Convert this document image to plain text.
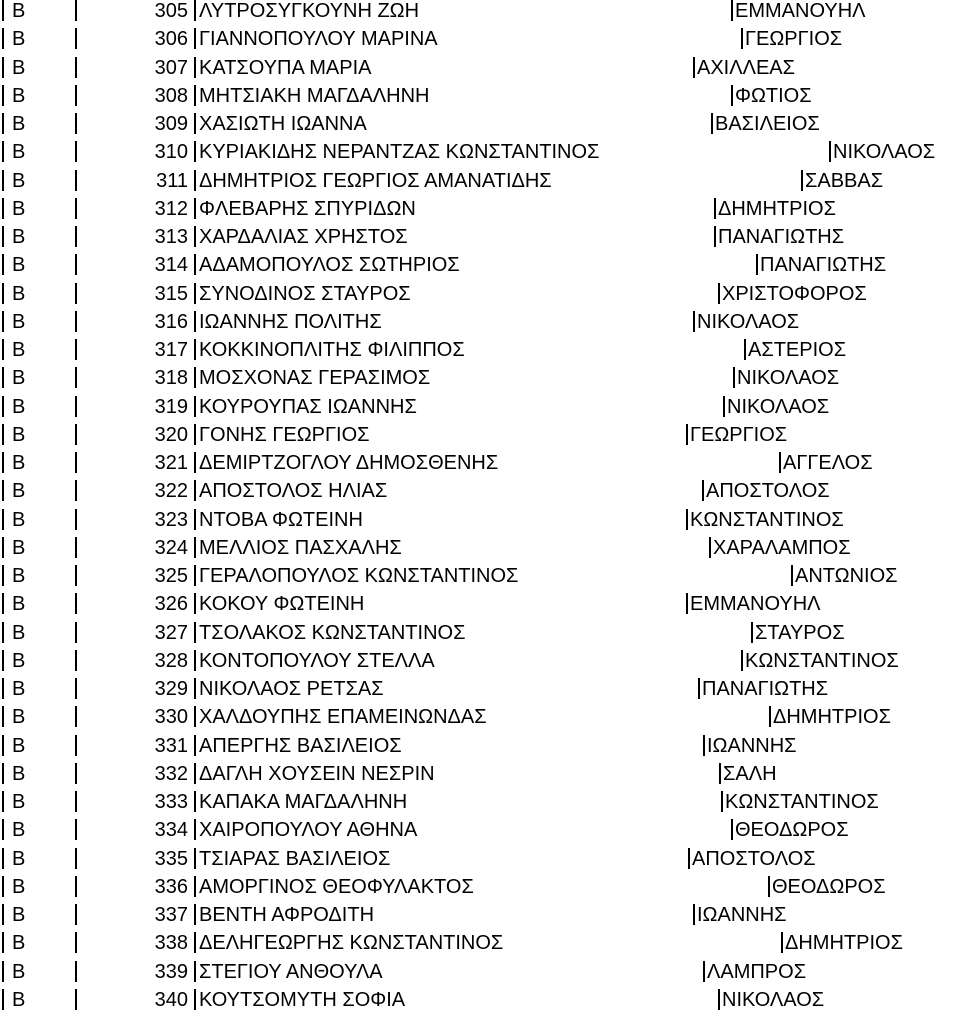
B	305 ΛΥΤΡΟΣΥΓΚΟΥΝΗ ΖΩΗ	ΕΜΜΑΝΟΥΗΛ
B	306 ΓΙΑΝΝΟΠΟΥΛΟΥ ΜΑΡΙΝΑ	ΓΕΩΡΓΙΟΣ
B	307 ΚΑΤΣΟΥΠΑ ΜΑΡΙΑ	ΑΧΙΛΛΕΑΣ
B	308 ΜΗΤΣΙΑΚΗ ΜΑΓΔΑΛΗΝΗ	ΦΩΤΙΟΣ
B	309 ΧΑΣΙΩΤΗ ΙΩΑΝΝΑ	ΒΑΣΙΛΕΙΟΣ
B	310 ΚΥΡΙΑΚΙΔΗΣ ΝΕΡΑΝΤΖΑΣ ΚΩΝΣΤΑΝΤΙΝΟΣ	ΝΙΚΟΛΑΟΣ
B	311 ΔΗΜΗΤΡΙΟΣ ΓΕΩΡΓΙΟΣ ΑΜΑΝΑΤΙΔΗΣ	ΣΑΒΒΑΣ
B	312 ΦΛΕΒΑΡΗΣ ΣΠΥΡΙΔΩΝ	ΔΗΜΗΤΡΙΟΣ
B	313 ΧΑΡΔΑΛΙΑΣ ΧΡΗΣΤΟΣ	ΠΑΝΑΓΙΩΤΗΣ
B	314 ΑΔΑΜΟΠΟΥΛΟΣ ΣΩΤΗΡΙΟΣ	ΠΑΝΑΓΙΩΤΗΣ
B	315 ΣΥΝΟΔΙΝΟΣ ΣΤΑΥΡΟΣ	ΧΡΙΣΤΟΦΟΡΟΣ
B	316 ΙΩΑΝΝΗΣ ΠΟΛΙΤΗΣ	ΝΙΚΟΛΑΟΣ
B	317 ΚΟΚΚΙΝΟΠΛΙΤΗΣ ΦΙΛΙΠΠΟΣ	ΑΣΤΕΡΙΟΣ
B	318 ΜΟΣΧΟΝΑΣ ΓΕΡΑΣΙΜΟΣ	ΝΙΚΟΛΑΟΣ
B	319 ΚΟΥΡΟΥΠΑΣ ΙΩΑΝΝΗΣ	ΝΙΚΟΛΑΟΣ
B	320 ΓΟΝΗΣ ΓΕΩΡΓΙΟΣ	ΓΕΩΡΓΙΟΣ
B	321 ΔΕΜΙΡΤΖΟΓΛΟΥ ΔΗΜΟΣΘΕΝΗΣ	ΑΓΓΕΛΟΣ
B	322 ΑΠΟΣΤΟΛΟΣ ΗΛΙΑΣ	ΑΠΟΣΤΟΛΟΣ
B	323 ΝΤΟΒΑ ΦΩΤΕΙΝΗ	ΚΩΝΣΤΑΝΤΙΝΟΣ
B	324 ΜΕΛΛΙΟΣ ΠΑΣΧΑΛΗΣ	ΧΑΡΑΛΑΜΠΟΣ
B	325 ΓΕΡΑΛΟΠΟΥΛΟΣ ΚΩΝΣΤΑΝΤΙΝΟΣ	ΑΝΤΩΝΙΟΣ
B	326 ΚΟΚΟΥ ΦΩΤΕΙΝΗ	ΕΜΜΑΝΟΥΗΛ
B	327 ΤΣΟΛΑΚΟΣ ΚΩΝΣΤΑΝΤΙΝΟΣ	ΣΤΑΥΡΟΣ
B	328 ΚΟΝΤΟΠΟΥΛΟΥ ΣΤΕΛΛΑ	ΚΩΝΣΤΑΝΤΙΝΟΣ
B	329 ΝΙΚΟΛΑΟΣ ΡΕΤΣΑΣ	ΠΑΝΑΓΙΩΤΗΣ
B	330 ΧΑΛΔΟΥΠΗΣ ΕΠΑΜΕΙΝΩΝΔΑΣ	ΔΗΜΗΤΡΙΟΣ
B	331 ΑΠΕΡΓΗΣ ΒΑΣΙΛΕΙΟΣ	ΙΩΑΝΝΗΣ
B	332 ΔΑΓΛΗ ΧΟΥΣΕΙΝ ΝΕΣΡΙΝ	ΣΑΛΗ
B	333 ΚΑΠΑΚΑ ΜΑΓΔΑΛΗΝΗ	ΚΩΝΣΤΑΝΤΙΝΟΣ
B	334 ΧΑΙΡΟΠΟΥΛΟΥ ΑΘΗΝΑ	ΘΕΟΔΩΡΟΣ
B	335 ΤΣΙΑΡΑΣ ΒΑΣΙΛΕΙΟΣ	ΑΠΟΣΤΟΛΟΣ
B	336 ΑΜΟΡΓΙΝΟΣ ΘΕΟΦΥΛΑΚΤΟΣ	ΘΕΟΔΩΡΟΣ
B	337 ΒΕΝΤΗ ΑΦΡΟΔΙΤΗ	ΙΩΑΝΝΗΣ
B	338 ΔΕΛΗΓΕΩΡΓΗΣ ΚΩΝΣΤΑΝΤΙΝΟΣ	ΔΗΜΗΤΡΙΟΣ
B	339 ΣΤΕΓΙΟΥ ΑΝΘΟΥΛΑ	ΛΑΜΠΡΟΣ
B	340 ΚΟΥΤΣΟΜΥΤΗ ΣΟΦΙΑ	ΝΙΚΟΛΑΟΣ
